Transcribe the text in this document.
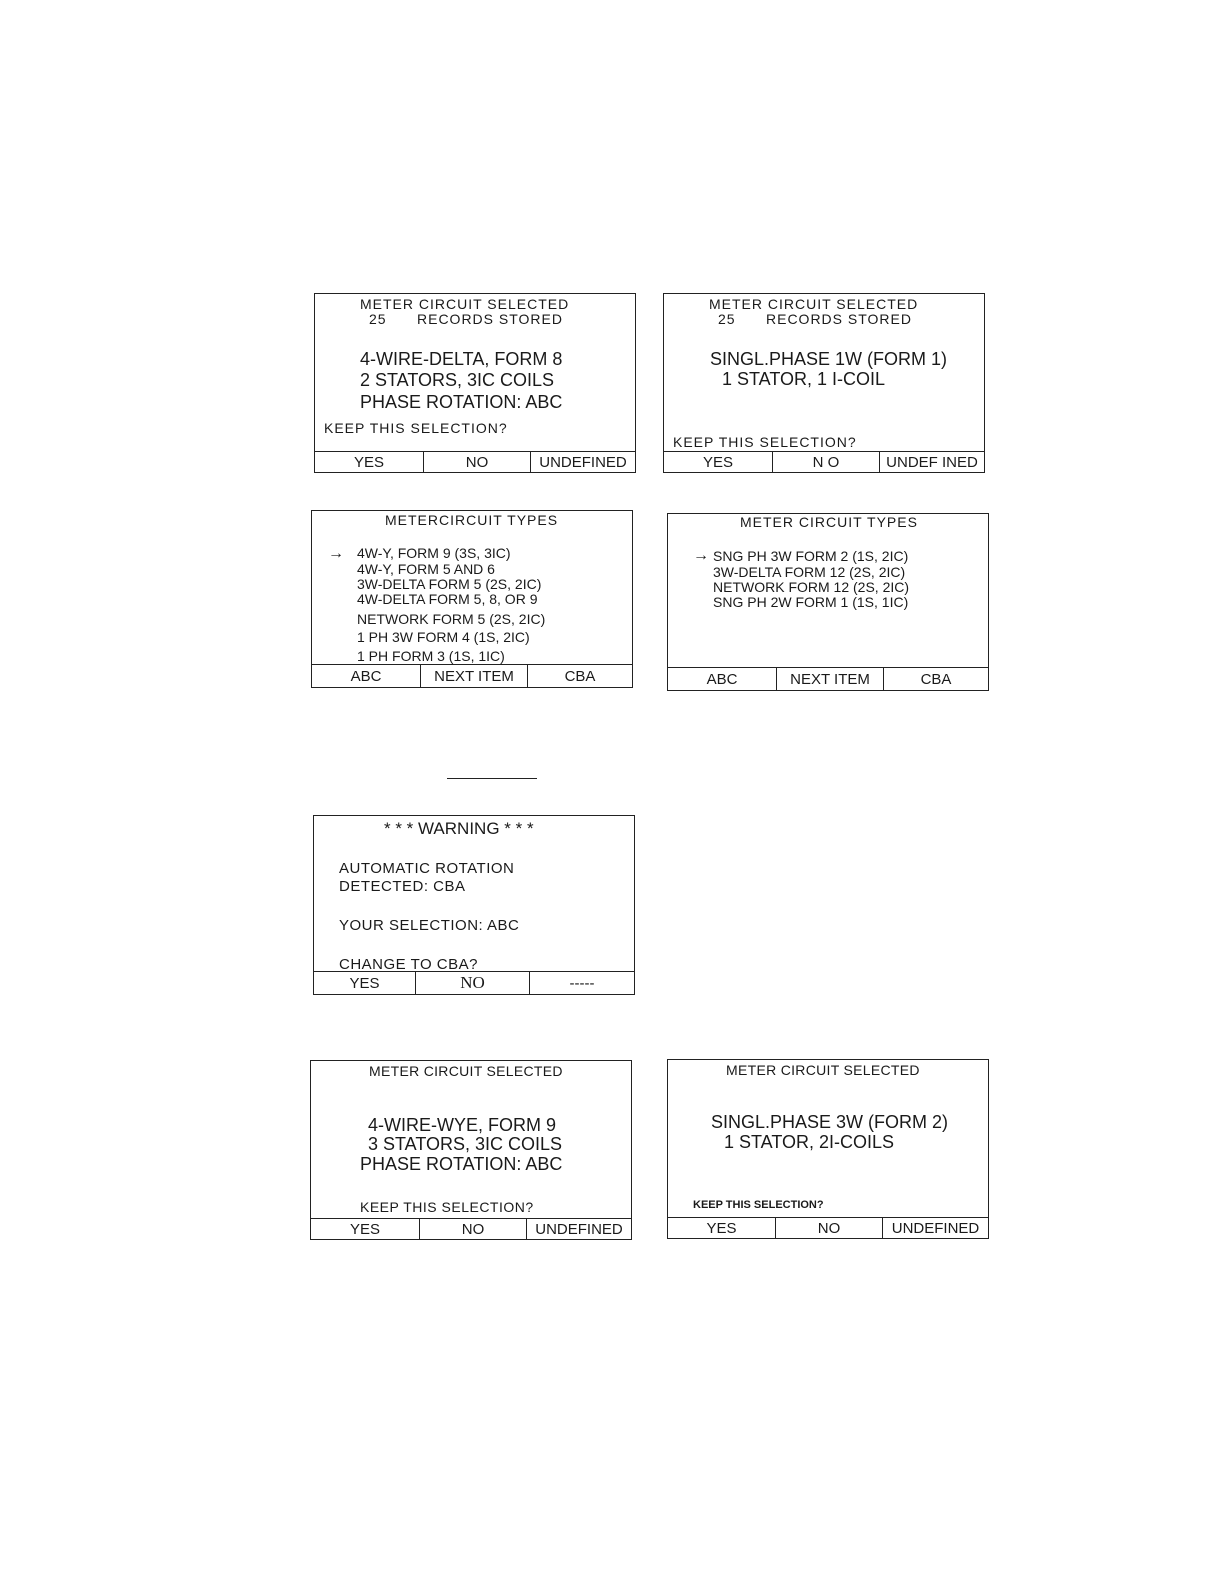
METER CIRCUIT SELECTED
25 RECORDS STORED
4-WIRE-DELTA, FORM 8
2 STATORS, 3IC COILS
PHASE ROTATION: ABC
KEEP THIS SELECTION?
YES	NO	UNDEFINED
METER CIRCUIT SELECTED
25 RECORDS STORED
SINGL.PHASE 1W (FORM 1)
1 STATOR, 1 I-COIL
KEEP THIS SELECTION?
YES	N O	UNDEF INED
METERCIRCUIT TYPES
→ 4W-Y, FORM 9 (3S, 3IC)
4W-Y, FORM 5 AND 6
3W-DELTA FORM 5 (2S, 2IC)
4W-DELTA FORM 5, 8, OR 9
NETWORK FORM 5 (2S, 2IC)
1 PH 3W FORM 4 (1S, 2IC)
1 PH FORM 3 (1S, 1IC)
ABC	NEXT ITEM	CBA
METER CIRCUIT TYPES
→ SNG PH 3W FORM 2 (1S, 2IC)
3W-DELTA FORM 12 (2S, 2IC)
NETWORK FORM 12 (2S, 2IC)
SNG PH 2W FORM 1 (1S, 1IC)
ABC	NEXT ITEM	CBA
* * * WARNING * * *
AUTOMATIC ROTATION
DETECTED: CBA
YOUR SELECTION: ABC
CHANGE TO CBA?
YES	NO	-----
METER CIRCUIT SELECTED
4-WIRE-WYE, FORM 9
3 STATORS, 3IC COILS
PHASE ROTATION: ABC
KEEP THIS SELECTION?
YES	NO	UNDEFINED
METER CIRCUIT SELECTED
SINGL.PHASE 3W (FORM 2)
1 STATOR, 2I-COILS
KEEP THIS SELECTION?
YES	NO	UNDEFINED
